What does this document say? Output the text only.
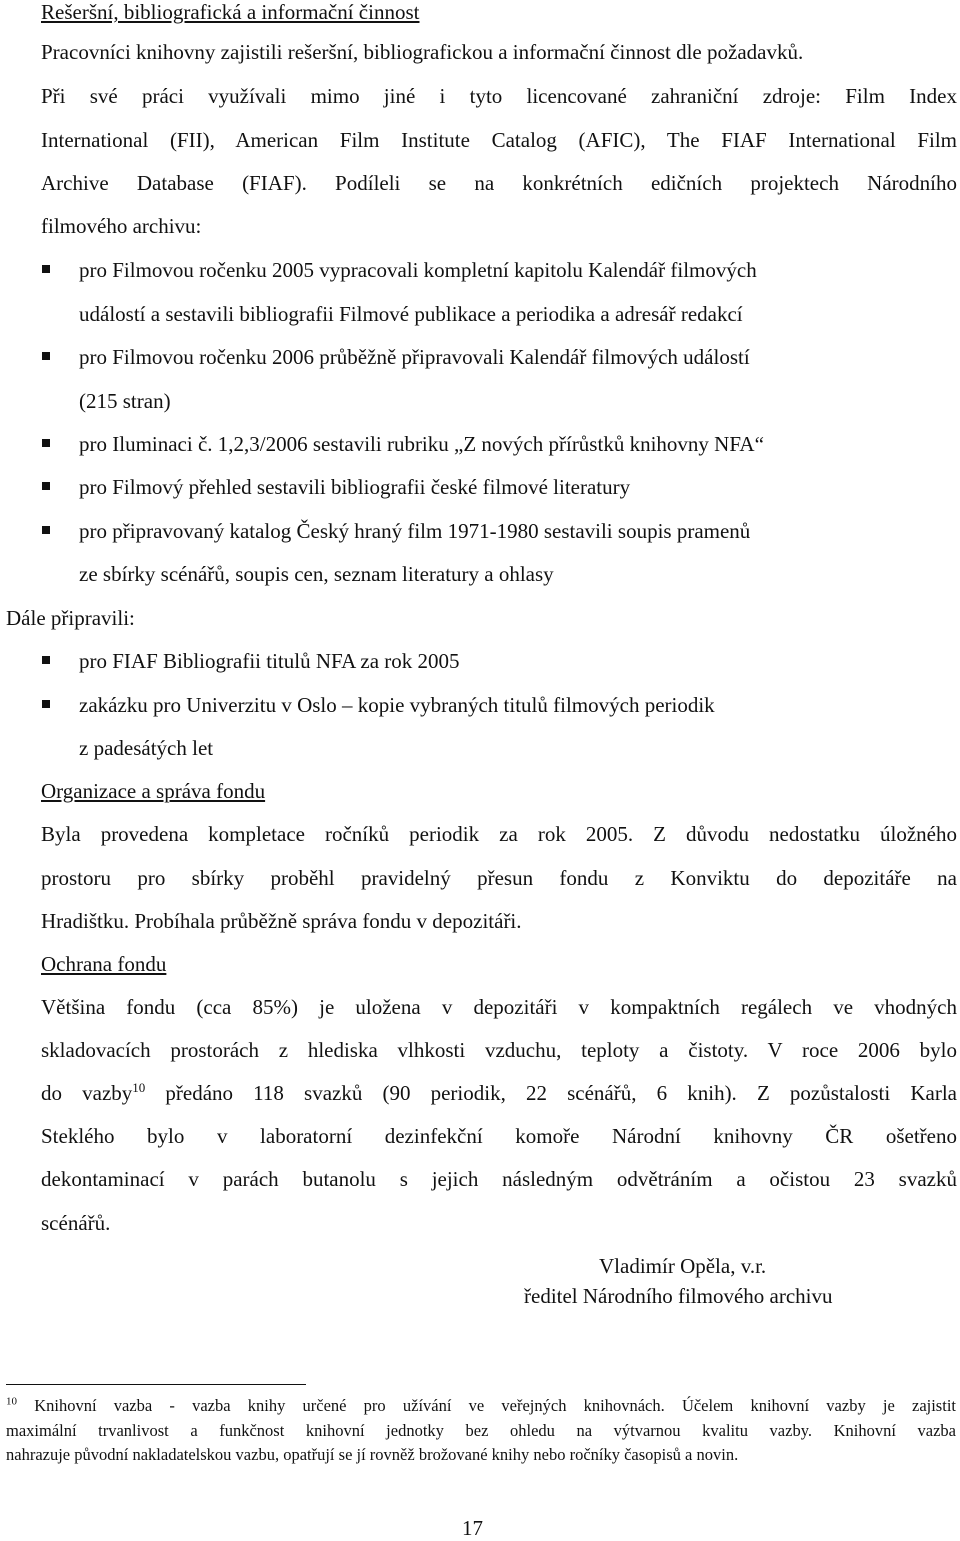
Rešeršní, bibliografická a informační činnost
Pracovníci knihovny zajistili rešeršní, bibliografickou a informační činnost dle požadavků.
Při své práci využívali mimo jiné i tyto licencované zahraniční zdroje: Film Index
International (FII), American Film Institute Catalog (AFIC), The FIAF International Film
Archive Database (FIAF). Podíleli se na konkrétních edičních projektech Národního
filmového archivu:
pro Filmovou ročenku 2005 vypracovali kompletní kapitolu Kalendář filmových
událostí a sestavili bibliografii Filmové publikace a periodika a adresář redakcí
pro Filmovou ročenku 2006 průběžně připravovali Kalendář filmových událostí
(215 stran)
pro Iluminaci č. 1,2,3/2006 sestavili rubriku „Z nových přírůstků knihovny NFA“
pro Filmový přehled sestavili bibliografii české filmové literatury
pro připravovaný katalog Český hraný film 1971-1980 sestavili soupis pramenů
ze sbírky scénářů, soupis cen, seznam literatury a ohlasy
Dále připravili:
pro FIAF Bibliografii titulů NFA za rok 2005
zakázku pro Univerzitu v Oslo – kopie vybraných titulů filmových periodik
z padesátých let
Organizace a správa fondu
Byla provedena kompletace ročníků periodik za rok 2005. Z důvodu nedostatku úložného
prostoru pro sbírky proběhl pravidelný přesun fondu z Konviktu do depozitáře na
Hradištku. Probíhala průběžně správa fondu v depozitáři.
Ochrana fondu
Většina fondu (cca 85%) je uložena v depozitáři v kompaktních regálech ve vhodných
skladovacích prostorách z hlediska vlhkosti vzduchu, teploty a čistoty. V roce 2006 bylo
do vazby$^{10}$ předáno 118 svazků (90 periodik, 22 scénářů, 6 knih). Z pozůstalosti Karla
Steklého bylo v laboratorní dezinfekční komoře Národní knihovny ČR ošetřeno
dekontaminací v parách butanolu s jejich následným odvětráním a očistou 23 svazků
scénářů.
Vladimír Opěla, v.r.
ředitel Národního filmového archivu
$^{10}$ Knihovní vazba - vazba knihy určené pro užívání ve veřejných knihovnách. Účelem knihovní vazby je zajistit
maximální trvanlivost a funkčnost knihovní jednotky bez ohledu na výtvarnou kvalitu vazby. Knihovní vazba
nahrazuje původní nakladatelskou vazbu, opatřují se jí rovněž brožované knihy nebo ročníky časopisů a novin.
17
